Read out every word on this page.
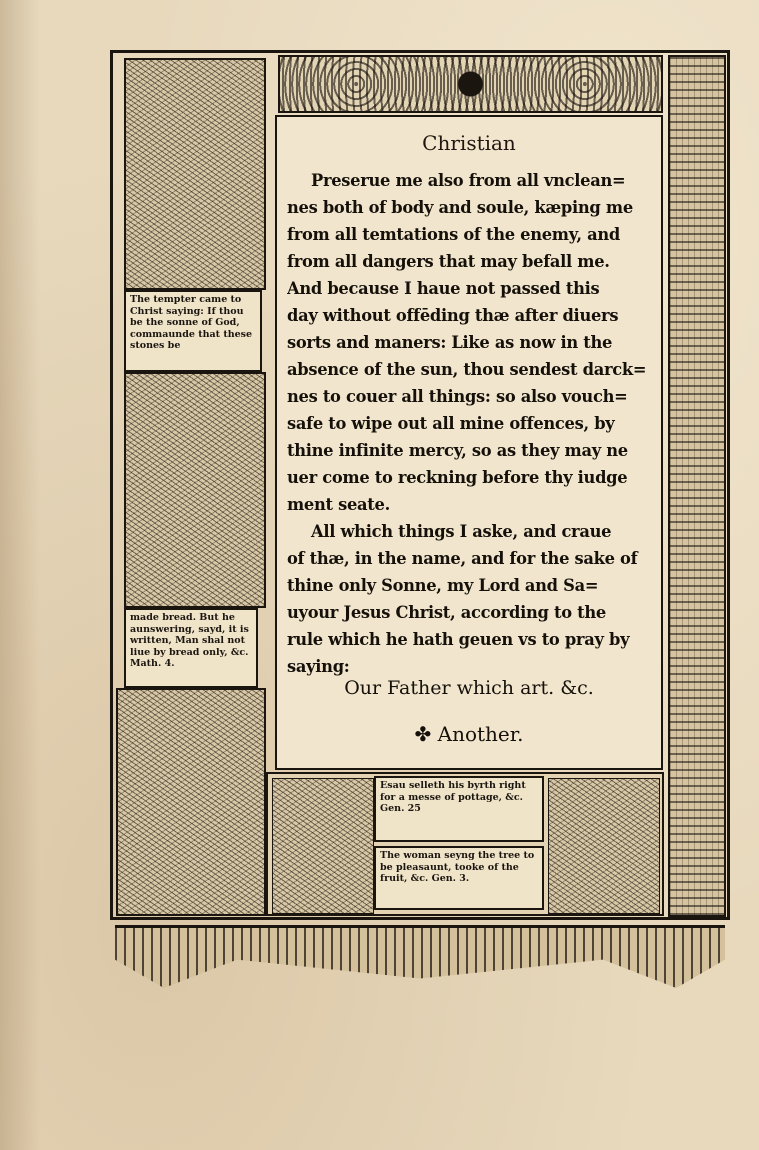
The tempter came to Christ saying: If thou be the sonne of God, commaunde that these stones be
made bread. But he aunswering, sayd, it is written, Man shal not liue by bread only, &c. Math. 4.
Christian
Preserue me also from all vnclean=
nes both of body and soule, kæping me
from all temtations of the enemy, and
from all dangers that may befall me.
And because I haue not passed this
day without offēding thæ after diuers
sorts and maners: Like as now in the
absence of the sun, thou sendest darck=
nes to couer all things: so also vouch=
safe to wipe out all mine offences, by
thine infinite mercy, so as they may ne
uer come to reckning before thy iudge
ment seate.
All which things I aske, and craue
of thæ, in the name, and for the sake of
thine only Sonne, my Lord and Sa=
uyour Jesus Christ, according to the
rule which he hath geuen vs to pray by
saying:
Our Father which art. &c.
✤ Another.
Esau selleth his byrth right for a messe of pottage, &c. Gen. 25
The woman seyng the tree to be pleasaunt, tooke of the fruit, &c. Gen. 3.
